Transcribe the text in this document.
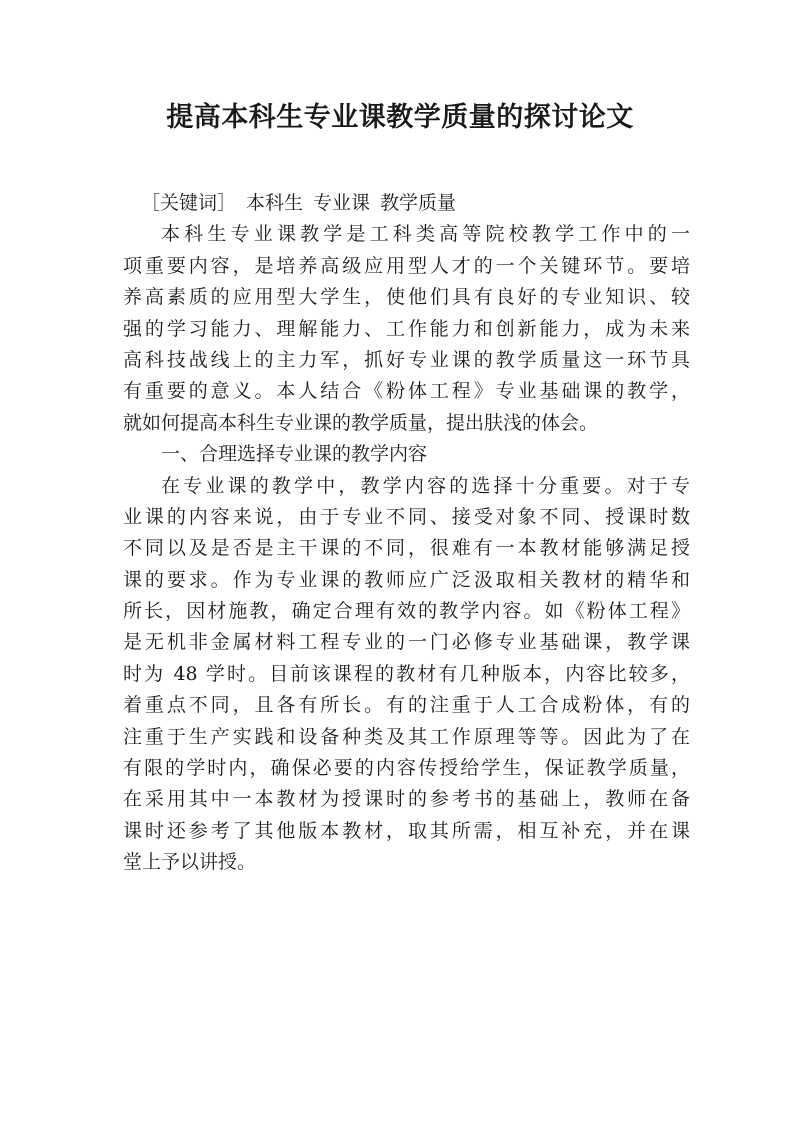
提高本科生专业课教学质量的探讨论文
［关键词］ 本科生 专业课 教学质量
本科生专业课教学是工科类高等院校教学工作中的一
项重要内容，是培养高级应用型人才的一个关键环节。要培
养高素质的应用型大学生，使他们具有良好的专业知识、较
强的学习能力、理解能力、工作能力和创新能力，成为未来
高科技战线上的主力军，抓好专业课的教学质量这一环节具
有重要的意义。本人结合《粉体工程》专业基础课的教学，
就如何提高本科生专业课的教学质量，提出肤浅的体会。
一、合理选择专业课的教学内容
在专业课的教学中，教学内容的选择十分重要。对于专
业课的内容来说，由于专业不同、接受对象不同、授课时数
不同以及是否是主干课的不同，很难有一本教材能够满足授
课的要求。作为专业课的教师应广泛汲取相关教材的精华和
所长，因材施教，确定合理有效的教学内容。如《粉体工程》
是无机非金属材料工程专业的一门必修专业基础课，教学课
时为 48 学时。目前该课程的教材有几种版本，内容比较多，
着重点不同，且各有所长。有的注重于人工合成粉体，有的
注重于生产实践和设备种类及其工作原理等等。因此为了在
有限的学时内，确保必要的内容传授给学生，保证教学质量，
在采用其中一本教材为授课时的参考书的基础上，教师在备
课时还参考了其他版本教材，取其所需，相互补充，并在课
堂上予以讲授。
